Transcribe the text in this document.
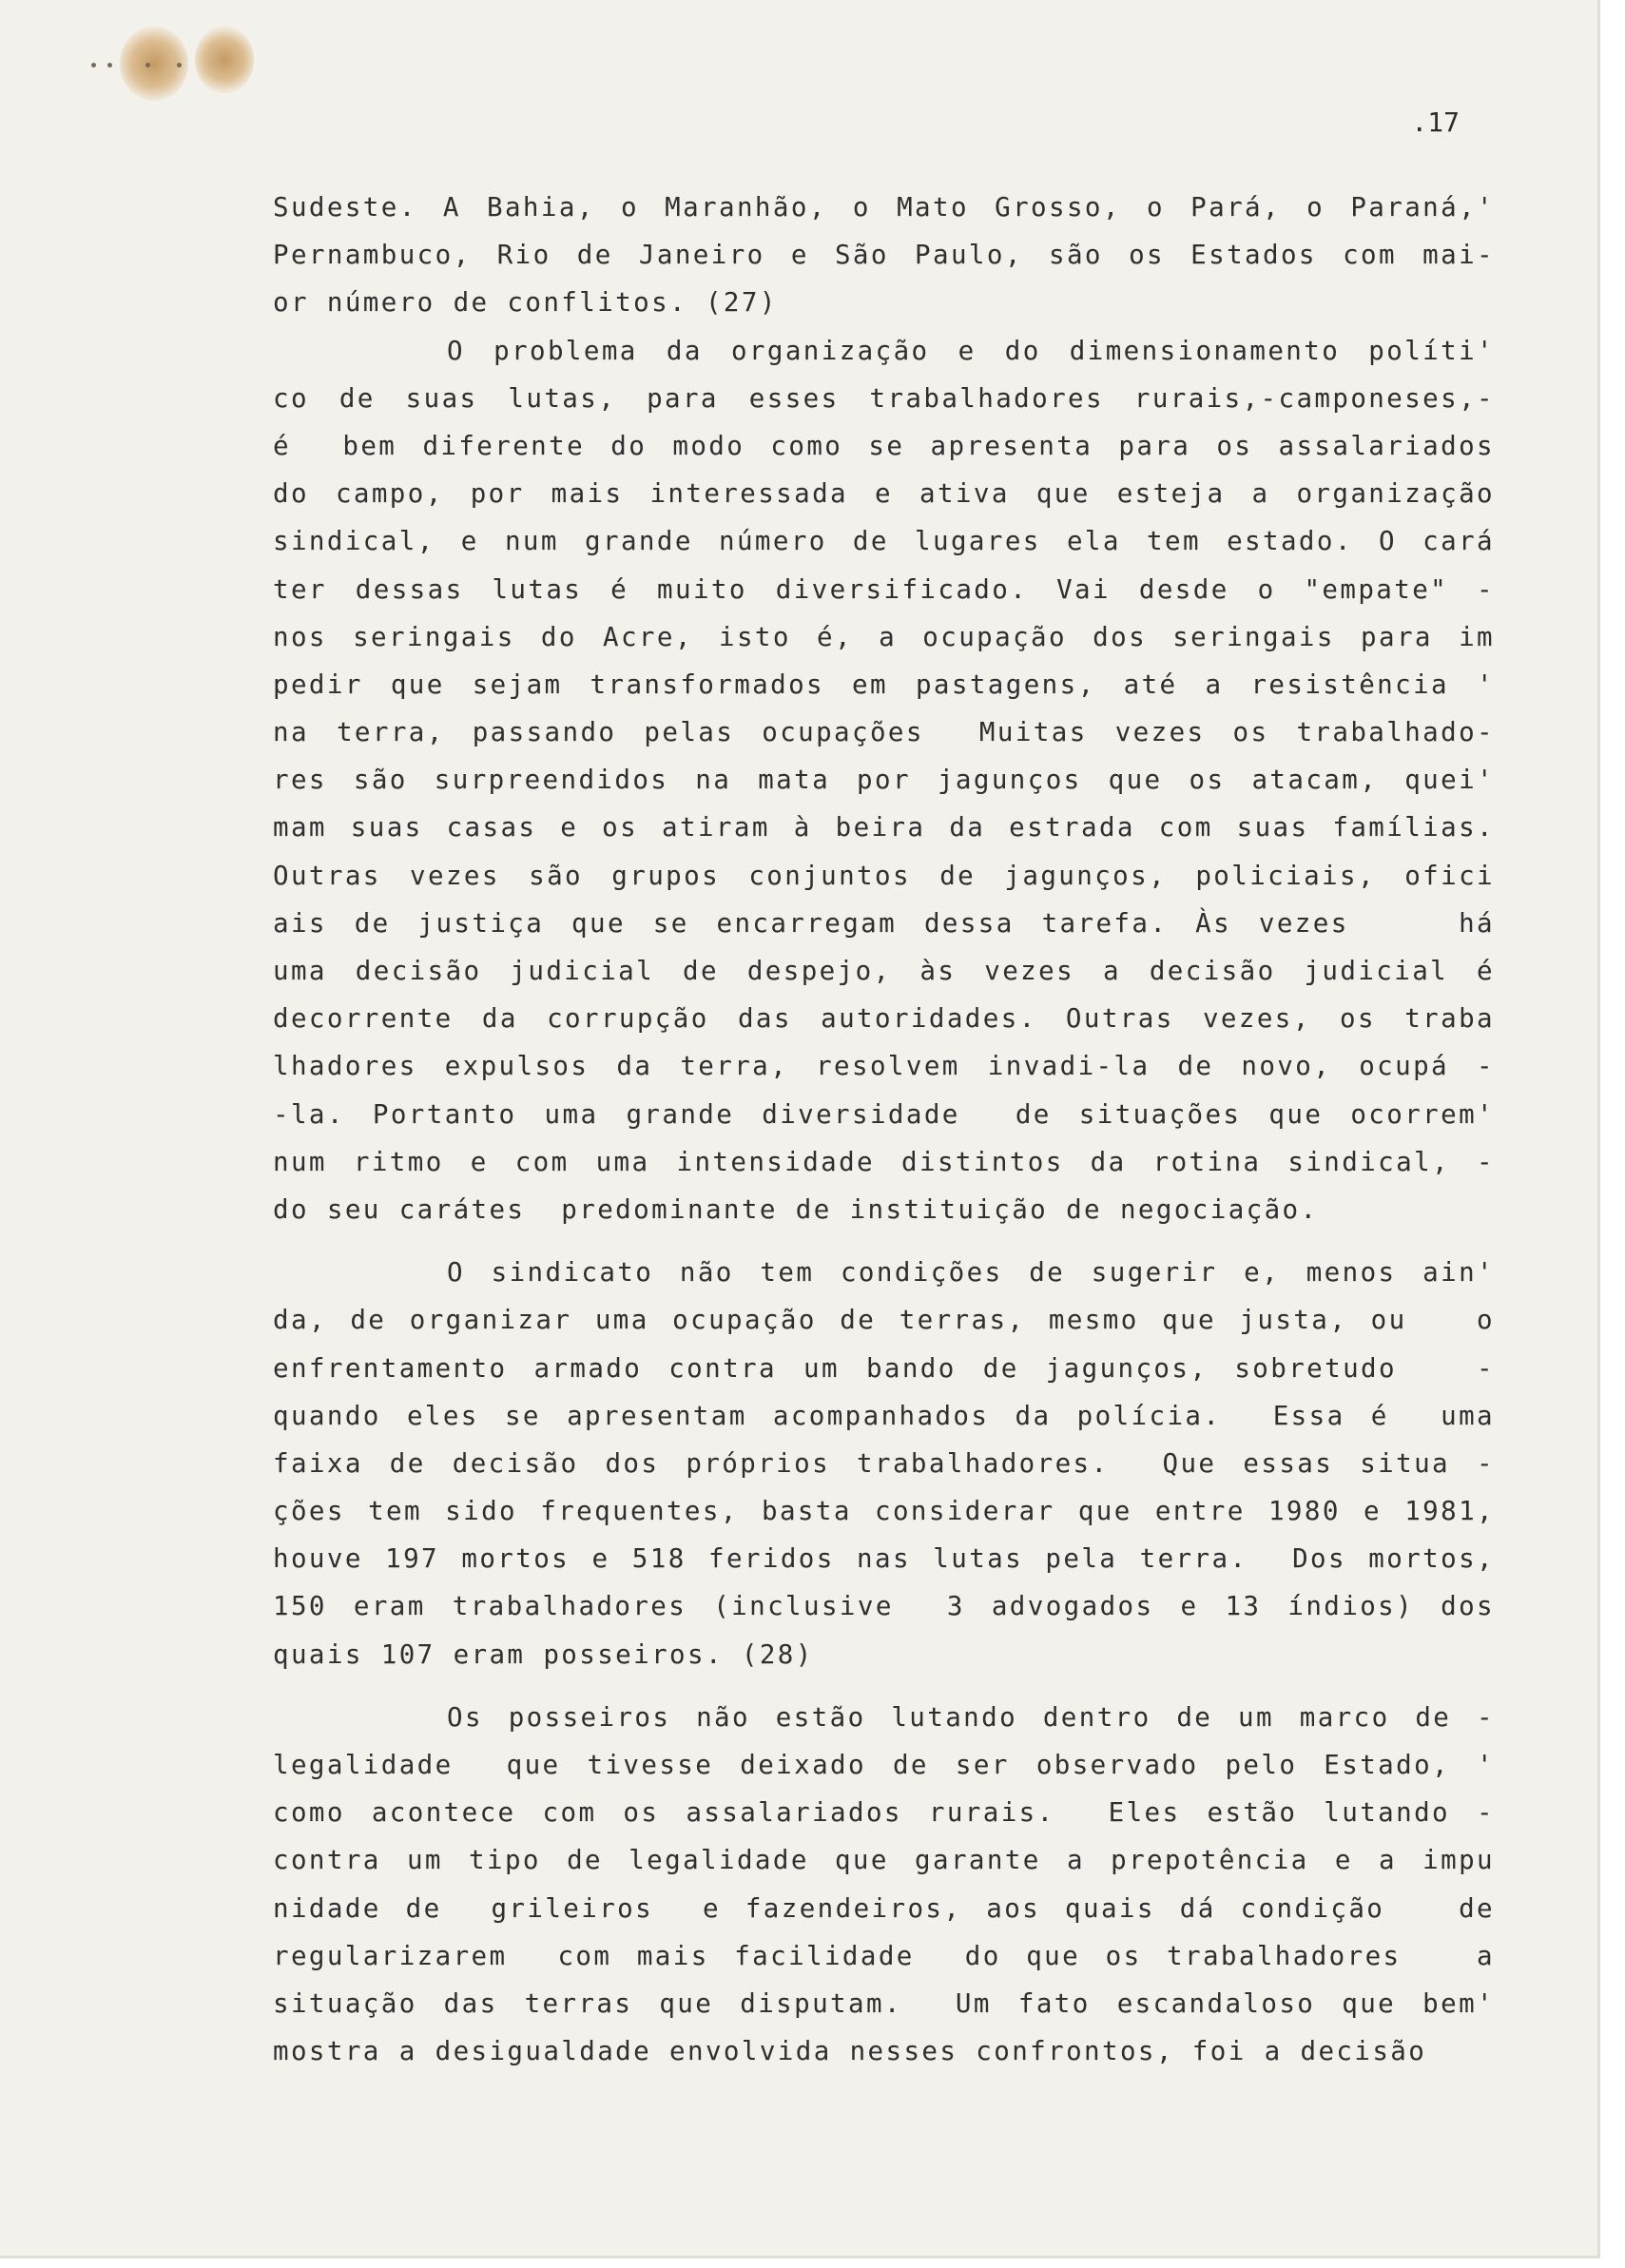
.17
Sudeste. A Bahia, o Maranhão, o Mato Grosso, o Pará, o Paraná,'
Pernambuco, Rio de Janeiro e São Paulo, são os Estados com mai-
or número de conflitos. (27)
O problema da organização e do dimensionamento políti'
co de suas lutas, para esses trabalhadores rurais,-camponeses,-
é  bem diferente do modo como se apresenta para os assalariados
do campo, por mais interessada e ativa que esteja a organização
sindical, e num grande número de lugares ela tem estado. O cará
ter dessas lutas é muito diversificado. Vai desde o "empate" -
nos seringais do Acre, isto é, a ocupação dos seringais para im
pedir que sejam transformados em pastagens, até a resistência '
na terra, passando pelas ocupações  Muitas vezes os trabalhado-
res são surpreendidos na mata por jagunços que os atacam, quei'
mam suas casas e os atiram à beira da estrada com suas famílias.
Outras vezes são grupos conjuntos de jagunços, policiais, ofici
ais de justiça que se encarregam dessa tarefa. Às vezes    há
uma decisão judicial de despejo, às vezes a decisão judicial é
decorrente da corrupção das autoridades. Outras vezes, os traba
lhadores expulsos da terra, resolvem invadi-la de novo, ocupá -
-la. Portanto uma grande diversidade  de situações que ocorrem'
num ritmo e com uma intensidade distintos da rotina sindical, -
do seu carátes  predominante de instituição de negociação.
O sindicato não tem condições de sugerir e, menos ain'
da, de organizar uma ocupação de terras, mesmo que justa, ou   o
enfrentamento armado contra um bando de jagunços, sobretudo   -
quando eles se apresentam acompanhados da polícia.  Essa é  uma
faixa de decisão dos próprios trabalhadores.  Que essas situa -
ções tem sido frequentes, basta considerar que entre 1980 e 1981,
houve 197 mortos e 518 feridos nas lutas pela terra.  Dos mortos,
150 eram trabalhadores (inclusive  3 advogados e 13 índios) dos
quais 107 eram posseiros. (28)
Os posseiros não estão lutando dentro de um marco de -
legalidade  que tivesse deixado de ser observado pelo Estado, '
como acontece com os assalariados rurais.  Eles estão lutando -
contra um tipo de legalidade que garante a prepotência e a impu
nidade de  grileiros  e fazendeiros, aos quais dá condição   de
regularizarem  com mais facilidade  do que os trabalhadores   a
situação das terras que disputam.  Um fato escandaloso que bem'
mostra a desigualdade envolvida nesses confrontos, foi a decisão
